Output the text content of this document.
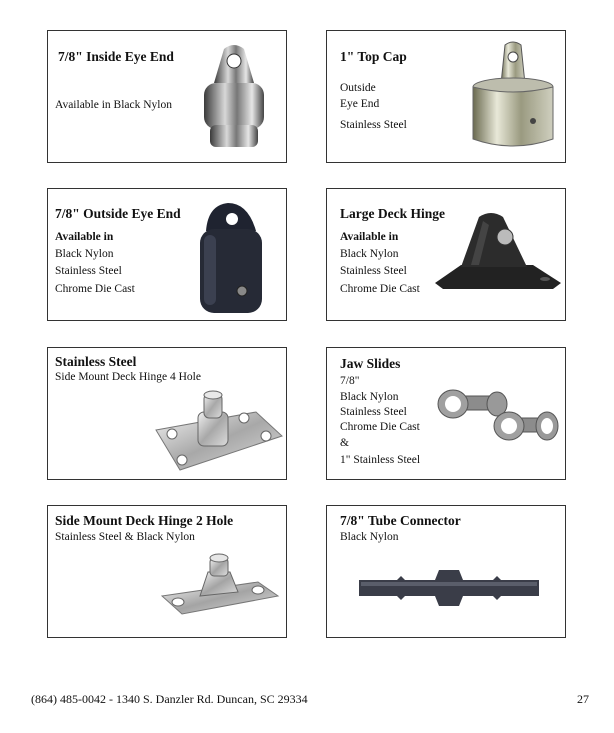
7/8" Inside Eye End
Available in Black Nylon
1" Top Cap
Outside
Eye End
Stainless Steel
7/8" Outside Eye End
Available in
Black Nylon
Stainless Steel
Chrome Die Cast
Large Deck Hinge
Available in
Black Nylon
Stainless Steel
Chrome Die Cast
Stainless Steel
Side Mount Deck Hinge 4 Hole
Jaw Slides
7/8"
Black Nylon
Stainless Steel
Chrome Die Cast
&
1" Stainless Steel
Side Mount Deck Hinge 2 Hole
Stainless Steel & Black Nylon
7/8" Tube Connector
Black Nylon
(864) 485-0042 - 1340 S. Danzler Rd. Duncan, SC 29334	27
